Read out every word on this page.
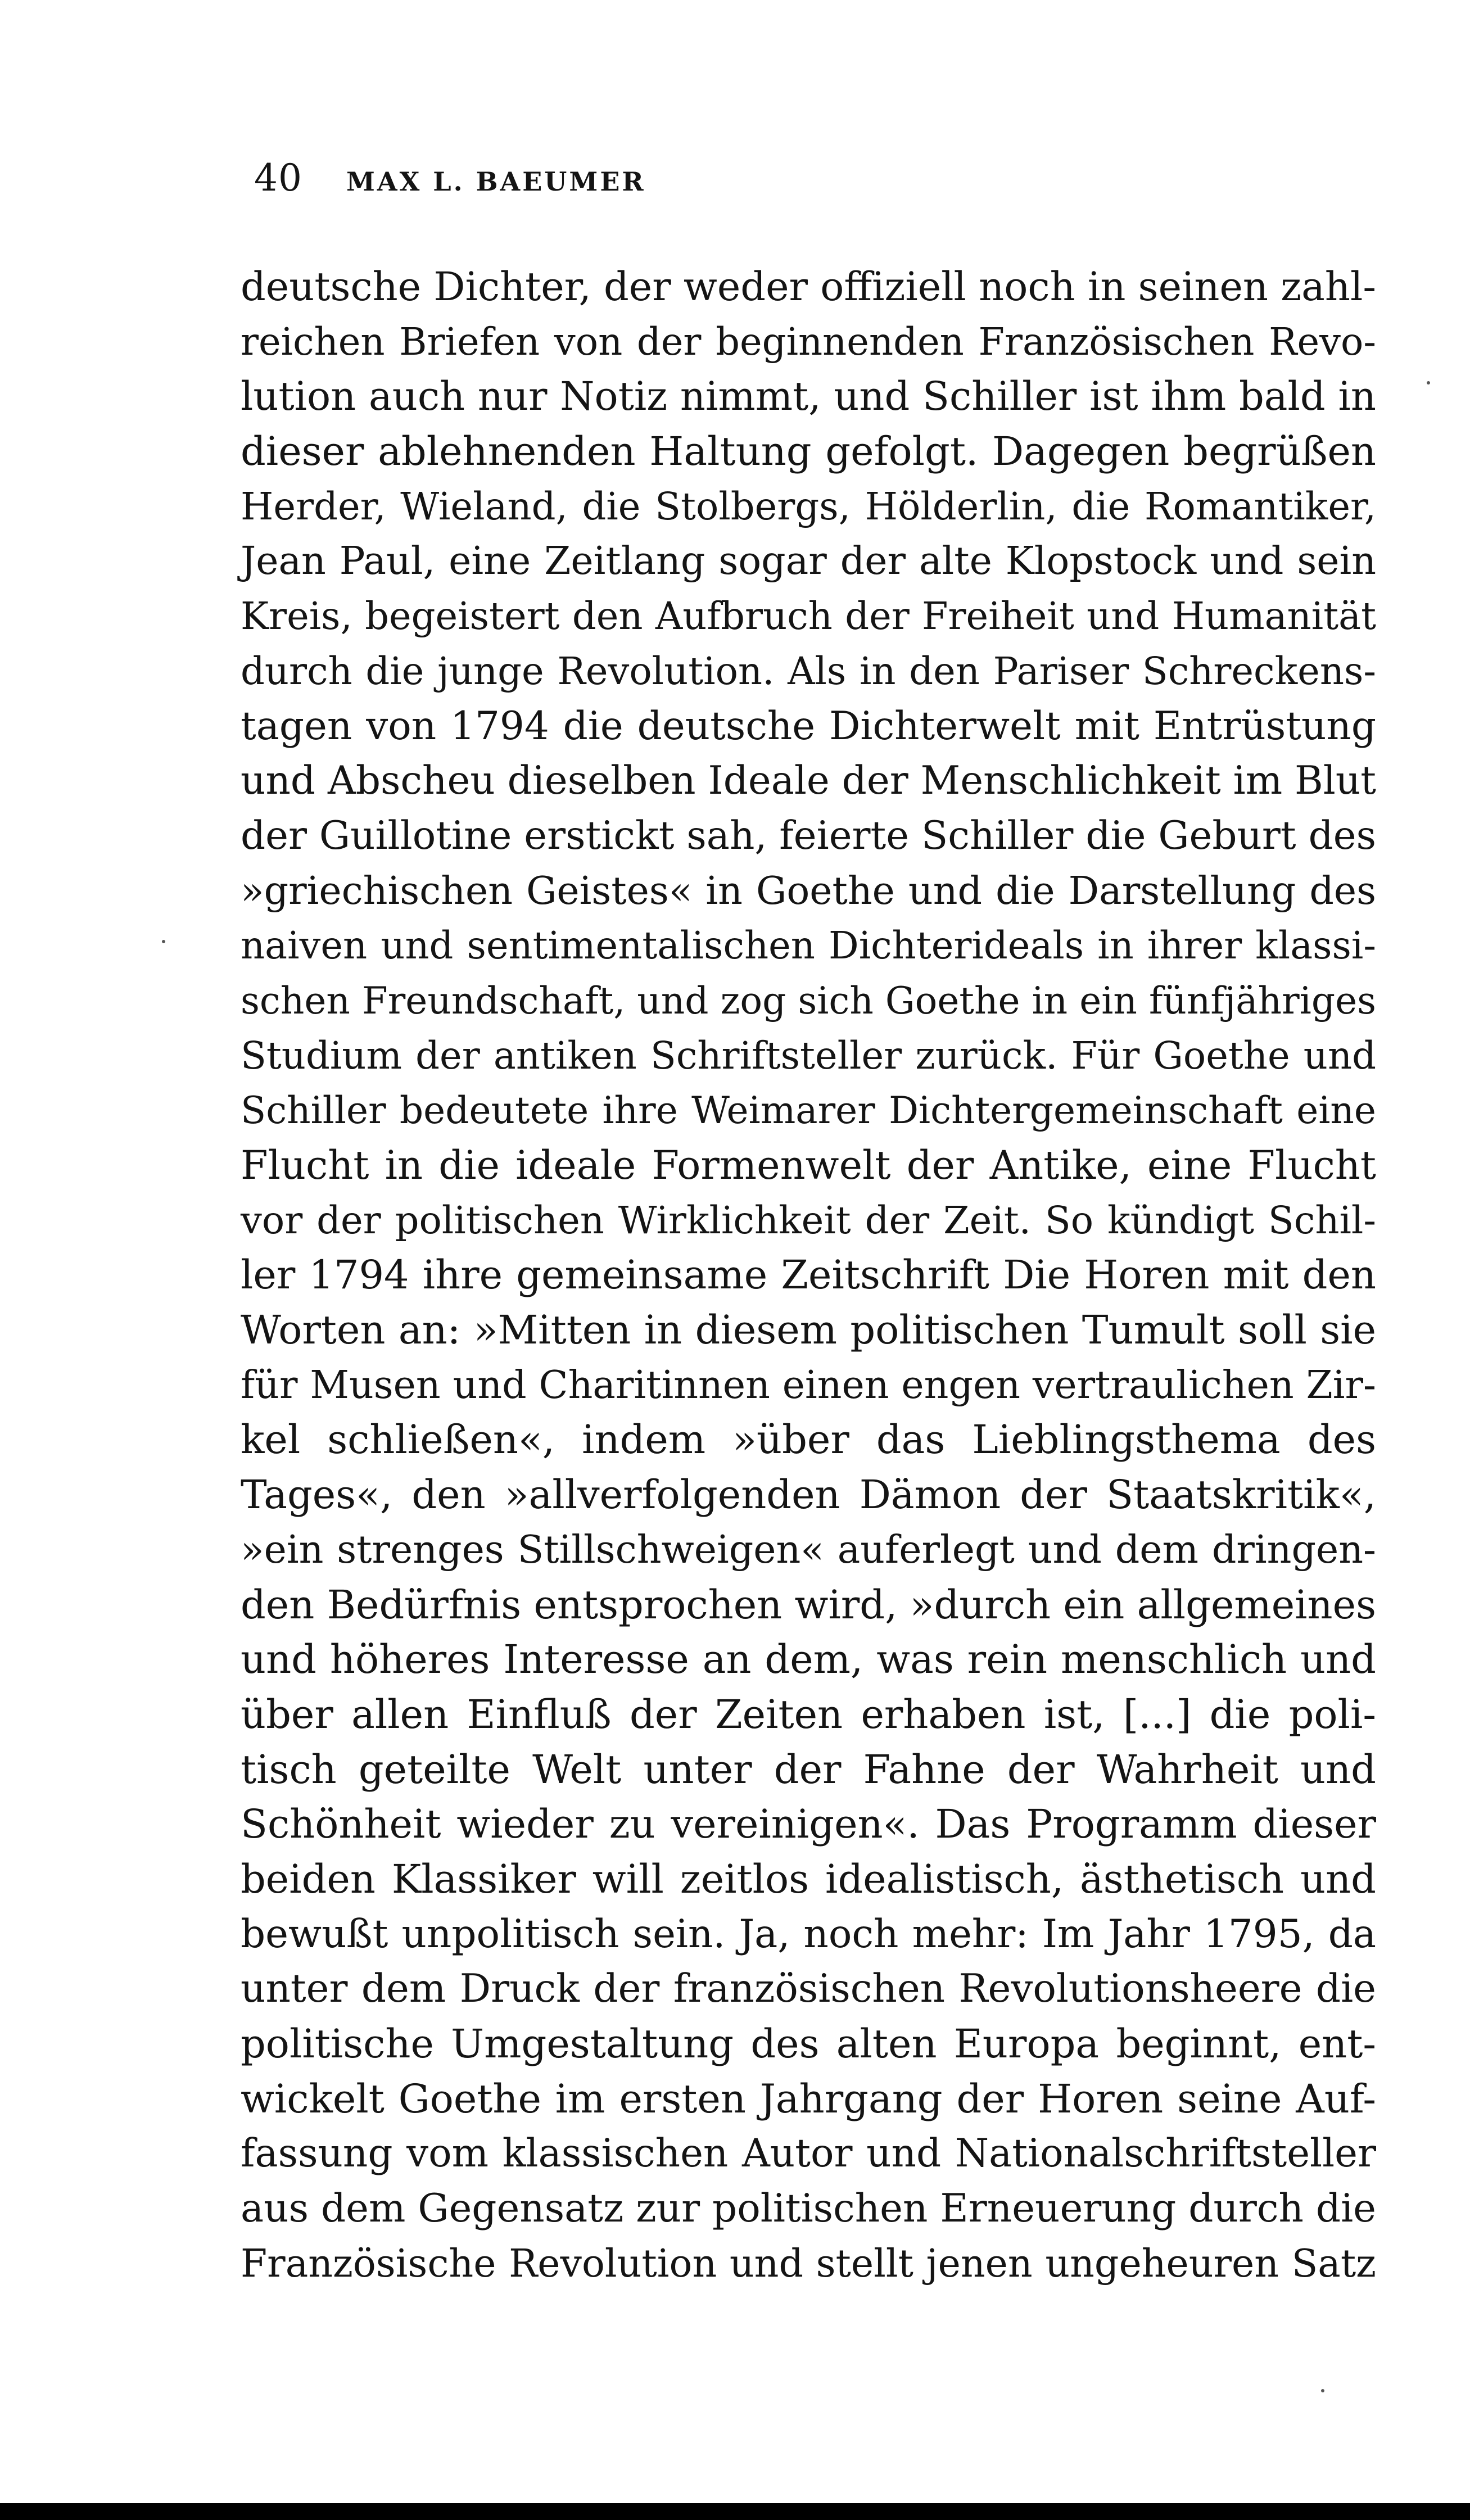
40 MAX L. BAEUMER
deutsche Dichter, der weder offiziell noch in seinen zahl-
reichen Briefen von der beginnenden Französischen Revo-
lution auch nur Notiz nimmt, und Schiller ist ihm bald in
dieser ablehnenden Haltung gefolgt. Dagegen begrüßen
Herder, Wieland, die Stolbergs, Hölderlin, die Romantiker,
Jean Paul, eine Zeitlang sogar der alte Klopstock und sein
Kreis, begeistert den Aufbruch der Freiheit und Humanität
durch die junge Revolution. Als in den Pariser Schreckens-
tagen von 1794 die deutsche Dichterwelt mit Entrüstung
und Abscheu dieselben Ideale der Menschlichkeit im Blut
der Guillotine erstickt sah, feierte Schiller die Geburt des
»griechischen Geistes« in Goethe und die Darstellung des
naiven und sentimentalischen Dichterideals in ihrer klassi-
schen Freundschaft, und zog sich Goethe in ein fünfjähriges
Studium der antiken Schriftsteller zurück. Für Goethe und
Schiller bedeutete ihre Weimarer Dichtergemeinschaft eine
Flucht in die ideale Formenwelt der Antike, eine Flucht
vor der politischen Wirklichkeit der Zeit. So kündigt Schil-
ler 1794 ihre gemeinsame Zeitschrift Die Horen mit den
Worten an: »Mitten in diesem politischen Tumult soll sie
für Musen und Charitinnen einen engen vertraulichen Zir-
kel schließen«, indem »über das Lieblingsthema des
Tages«, den »allverfolgenden Dämon der Staatskritik«,
»ein strenges Stillschweigen« auferlegt und dem dringen-
den Bedürfnis entsprochen wird, »durch ein allgemeines
und höheres Interesse an dem, was rein menschlich und
über allen Einfluß der Zeiten erhaben ist, [...] die poli-
tisch geteilte Welt unter der Fahne der Wahrheit und
Schönheit wieder zu vereinigen«. Das Programm dieser
beiden Klassiker will zeitlos idealistisch, ästhetisch und
bewußt unpolitisch sein. Ja, noch mehr: Im Jahr 1795, da
unter dem Druck der französischen Revolutionsheere die
politische Umgestaltung des alten Europa beginnt, ent-
wickelt Goethe im ersten Jahrgang der Horen seine Auf-
fassung vom klassischen Autor und Nationalschriftsteller
aus dem Gegensatz zur politischen Erneuerung durch die
Französische Revolution und stellt jenen ungeheuren Satz
